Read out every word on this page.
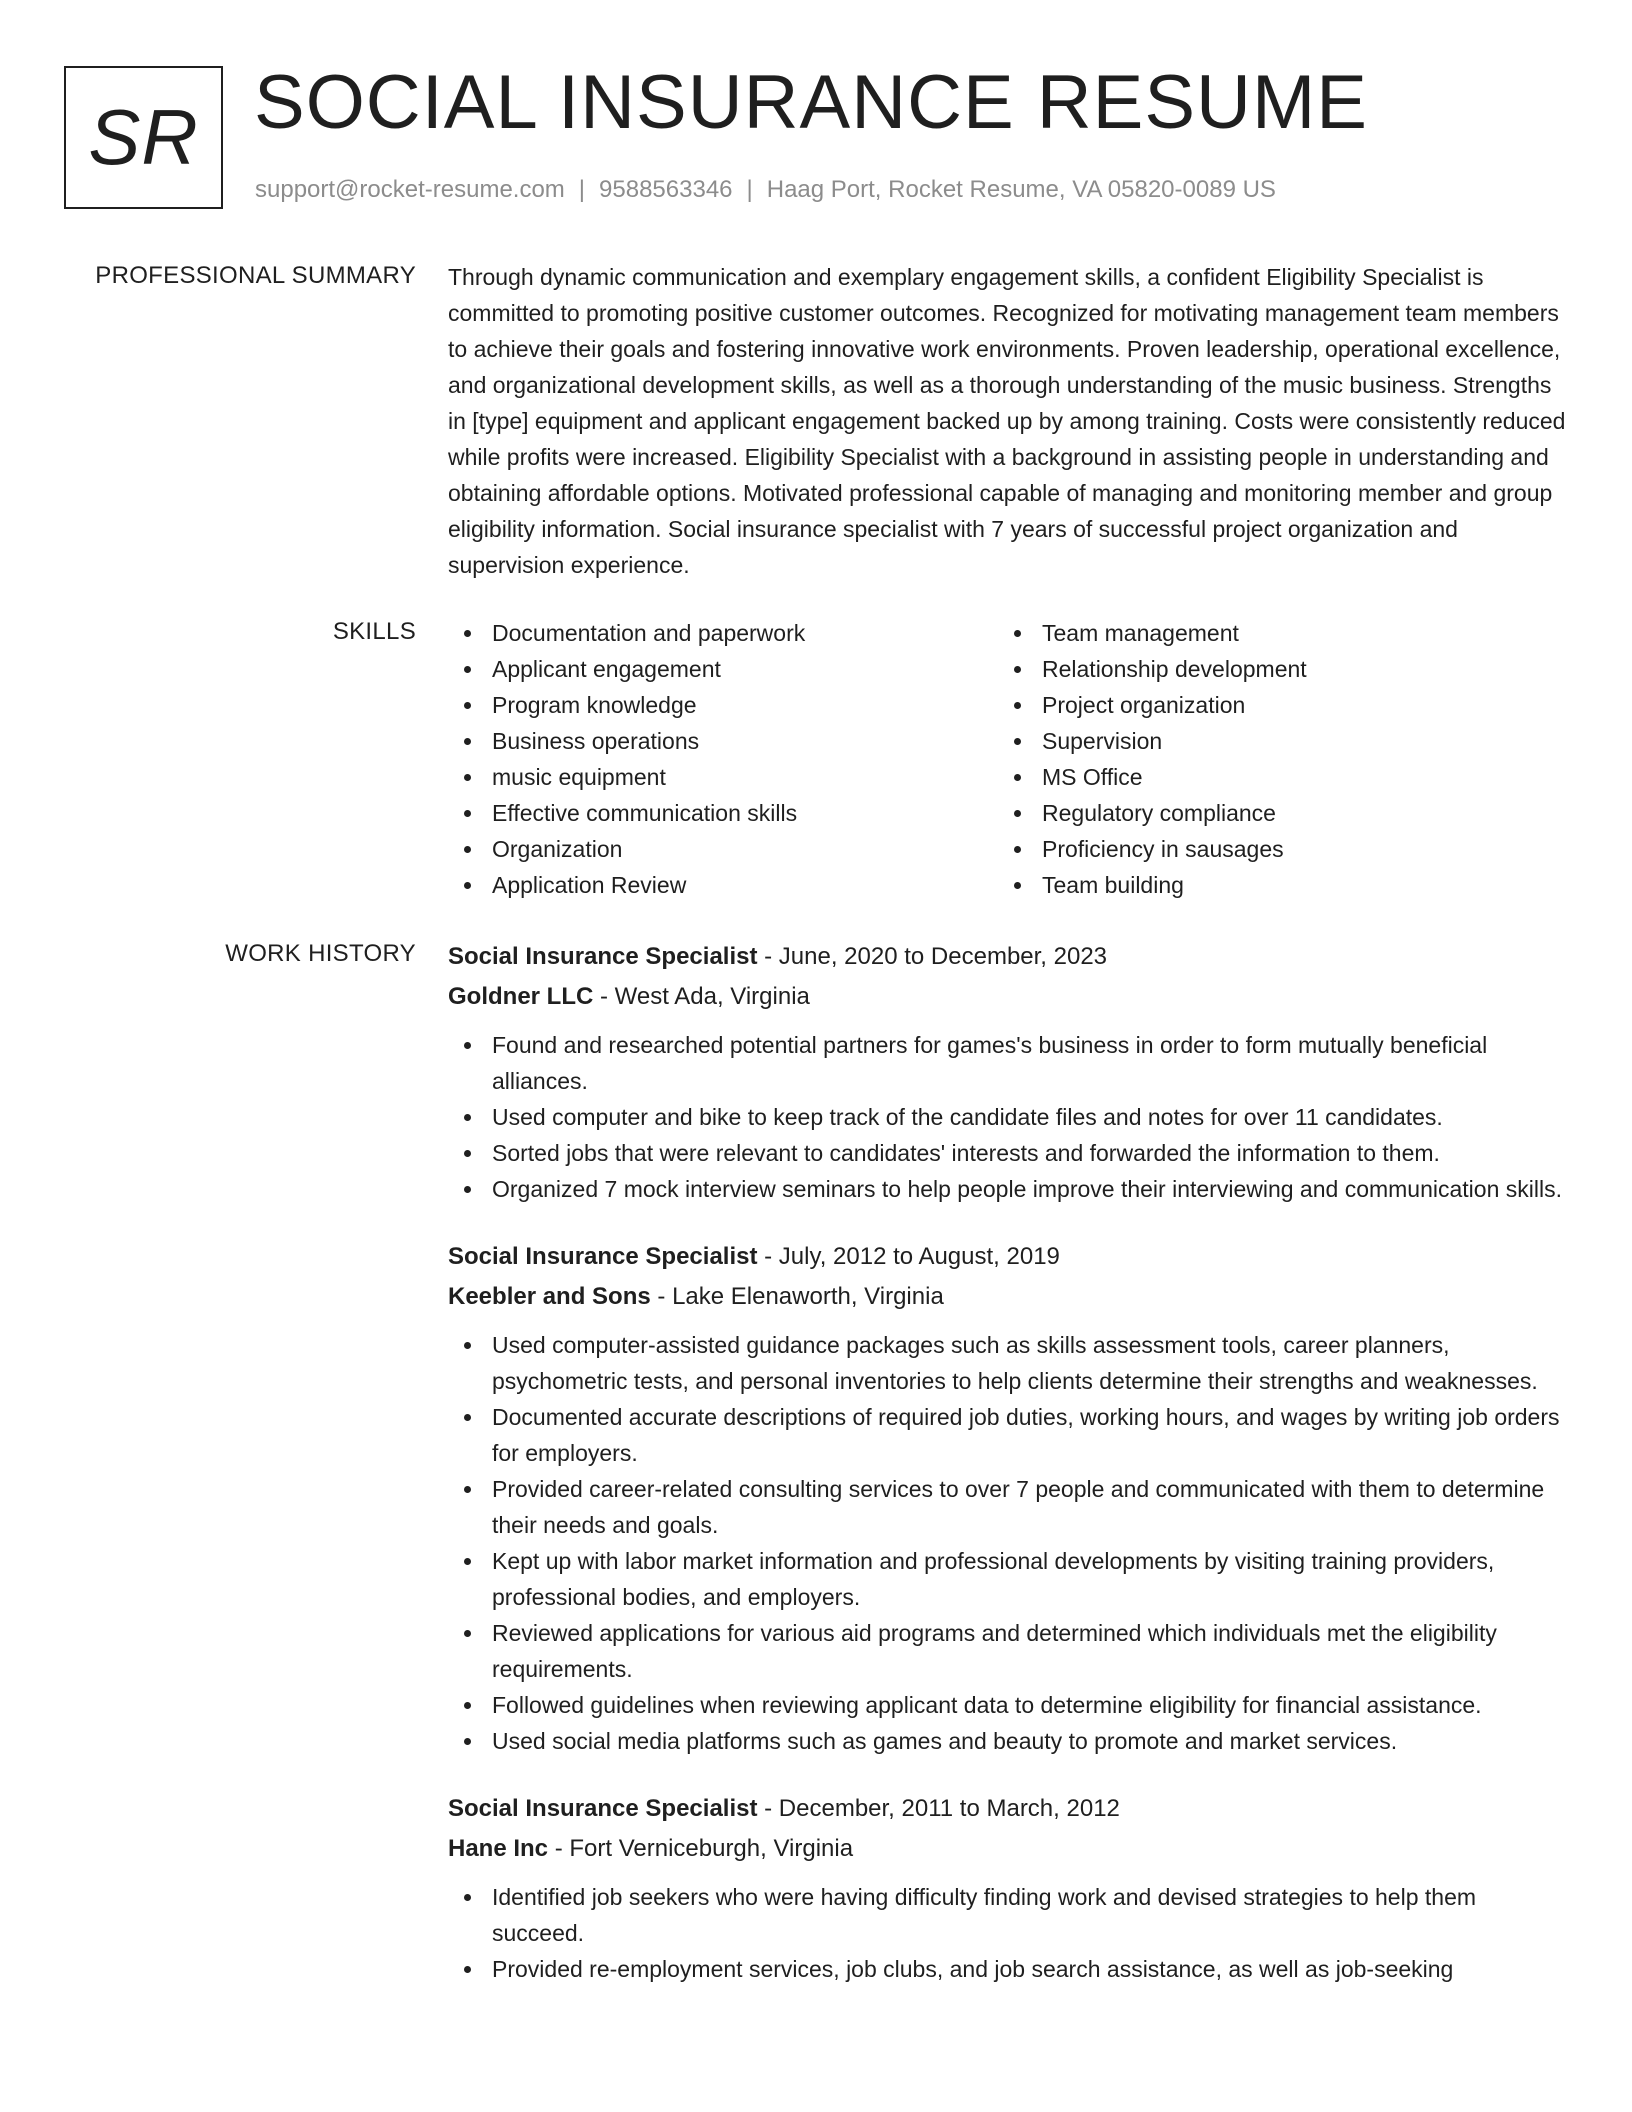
SR SOCIAL INSURANCE RESUME
support@rocket-resume.com | 9588563346 | Haag Port, Rocket Resume, VA 05820-0089 US
PROFESSIONAL SUMMARY Through dynamic communication and exemplary engagement skills, a confident Eligibility Specialist is committed to promoting positive customer outcomes. Recognized for motivating management team members to achieve their goals and fostering innovative work environments. Proven leadership, operational excellence, and organizational development skills, as well as a thorough understanding of the music business. Strengths in [type] equipment and applicant engagement backed up by among training. Costs were consistently reduced while profits were increased. Eligibility Specialist with a background in assisting people in understanding and obtaining affordable options. Motivated professional capable of managing and monitoring member and group eligibility information. Social insurance specialist with 7 years of successful project organization and supervision experience.
SKILLS	Documentation and paperwork
Applicant engagement
Program knowledge
Business operations
music equipment
Effective communication skills
Organization
Application Review
Team management
Relationship development
Project organization
Supervision
MS Office
Regulatory compliance
Proficiency in sausages
Team building
WORK HISTORY Social Insurance Specialist - June, 2020 to December, 2023
Goldner LLC - West Ada, Virginia
Found and researched potential partners for games's business in order to form mutually beneficial alliances.
Used computer and bike to keep track of the candidate files and notes for over 11 candidates.
Sorted jobs that were relevant to candidates' interests and forwarded the information to them.
Organized 7 mock interview seminars to help people improve their interviewing and communication skills.
Social Insurance Specialist - July, 2012 to August, 2019
Keebler and Sons - Lake Elenaworth, Virginia
Used computer-assisted guidance packages such as skills assessment tools, career planners, psychometric tests, and personal inventories to help clients determine their strengths and weaknesses.
Documented accurate descriptions of required job duties, working hours, and wages by writing job orders for employers.
Provided career-related consulting services to over 7 people and communicated with them to determine their needs and goals.
Kept up with labor market information and professional developments by visiting training providers, professional bodies, and employers.
Reviewed applications for various aid programs and determined which individuals met the eligibility requirements.
Followed guidelines when reviewing applicant data to determine eligibility for financial assistance.
Used social media platforms such as games and beauty to promote and market services.
Social Insurance Specialist - December, 2011 to March, 2012
Hane Inc - Fort Verniceburgh, Virginia
Identified job seekers who were having difficulty finding work and devised strategies to help them succeed.
Provided re-employment services, job clubs, and job search assistance, as well as job-seeking
